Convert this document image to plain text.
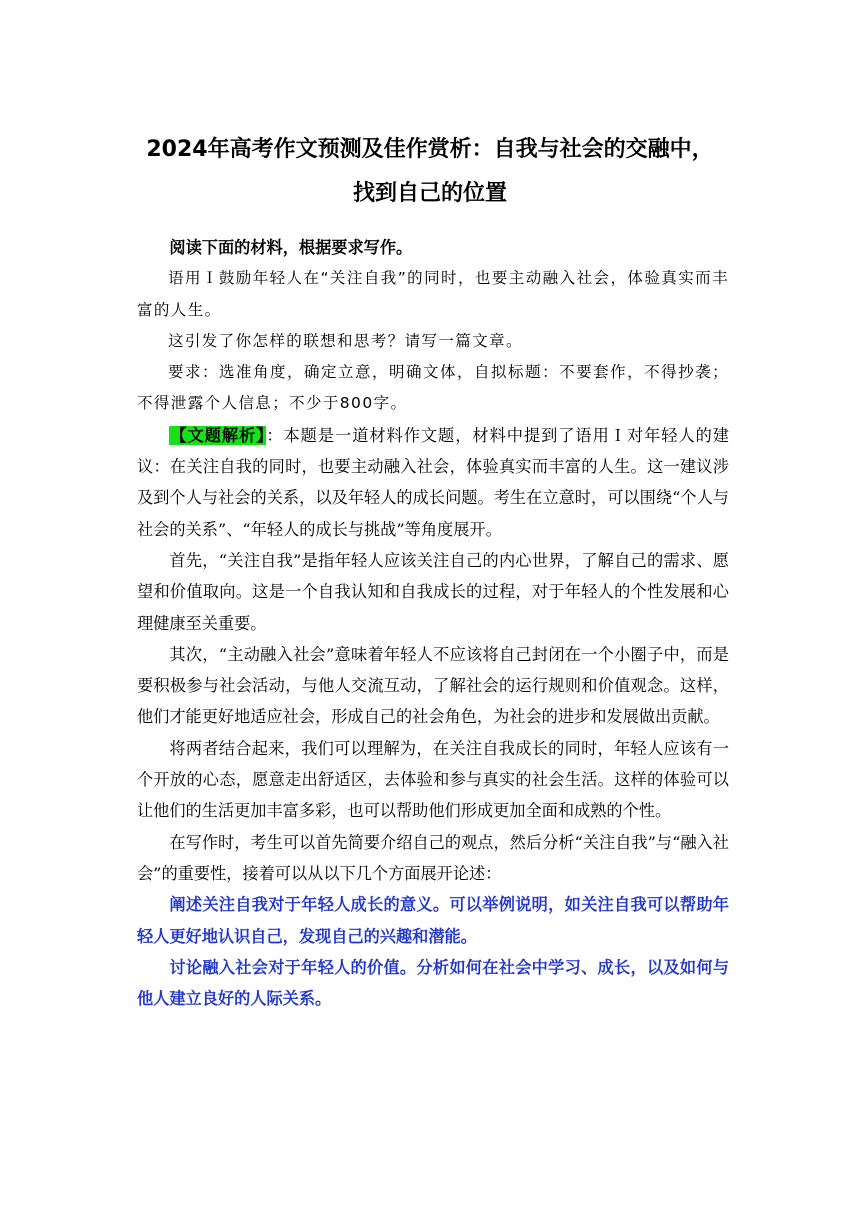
2024年高考作文预测及佳作赏析：自我与社会的交融中，
找到自己的位置

阅读下面的材料，根据要求写作。

语用Ｉ鼓励年轻人在“关注自我”的同时，也要主动融入社会，体验真实而丰富的人生。

这引发了你怎样的联想和思考？请写一篇文章。

要求：选准角度，确定立意，明确文体，自拟标题：不要套作，不得抄袭；不得泄露个人信息；不少于800字。

【文题解析】：本题是一道材料作文题，材料中提到了语用Ｉ对年轻人的建议：在关注自我的同时，也要主动融入社会，体验真实而丰富的人生。这一建议涉及到个人与社会的关系，以及年轻人的成长问题。考生在立意时，可以围绕“个人与社会的关系”、“年轻人的成长与挑战”等角度展开。

首先，“关注自我”是指年轻人应该关注自己的内心世界，了解自己的需求、愿望和价值取向。这是一个自我认知和自我成长的过程，对于年轻人的个性发展和心理健康至关重要。

其次，“主动融入社会”意味着年轻人不应该将自己封闭在一个小圈子中，而是要积极参与社会活动，与他人交流互动，了解社会的运行规则和价值观念。这样，他们才能更好地适应社会，形成自己的社会角色，为社会的进步和发展做出贡献。

将两者结合起来，我们可以理解为，在关注自我成长的同时，年轻人应该有一个开放的心态，愿意走出舒适区，去体验和参与真实的社会生活。这样的体验可以让他们的生活更加丰富多彩，也可以帮助他们形成更加全面和成熟的个性。

在写作时，考生可以首先简要介绍自己的观点，然后分析“关注自我”与“融入社会”的重要性，接着可以从以下几个方面展开论述：

阐述关注自我对于年轻人成长的意义。可以举例说明，如关注自我可以帮助年轻人更好地认识自己，发现自己的兴趣和潜能。

讨论融入社会对于年轻人的价值。分析如何在社会中学习、成长，以及如何与他人建立良好的人际关系。
